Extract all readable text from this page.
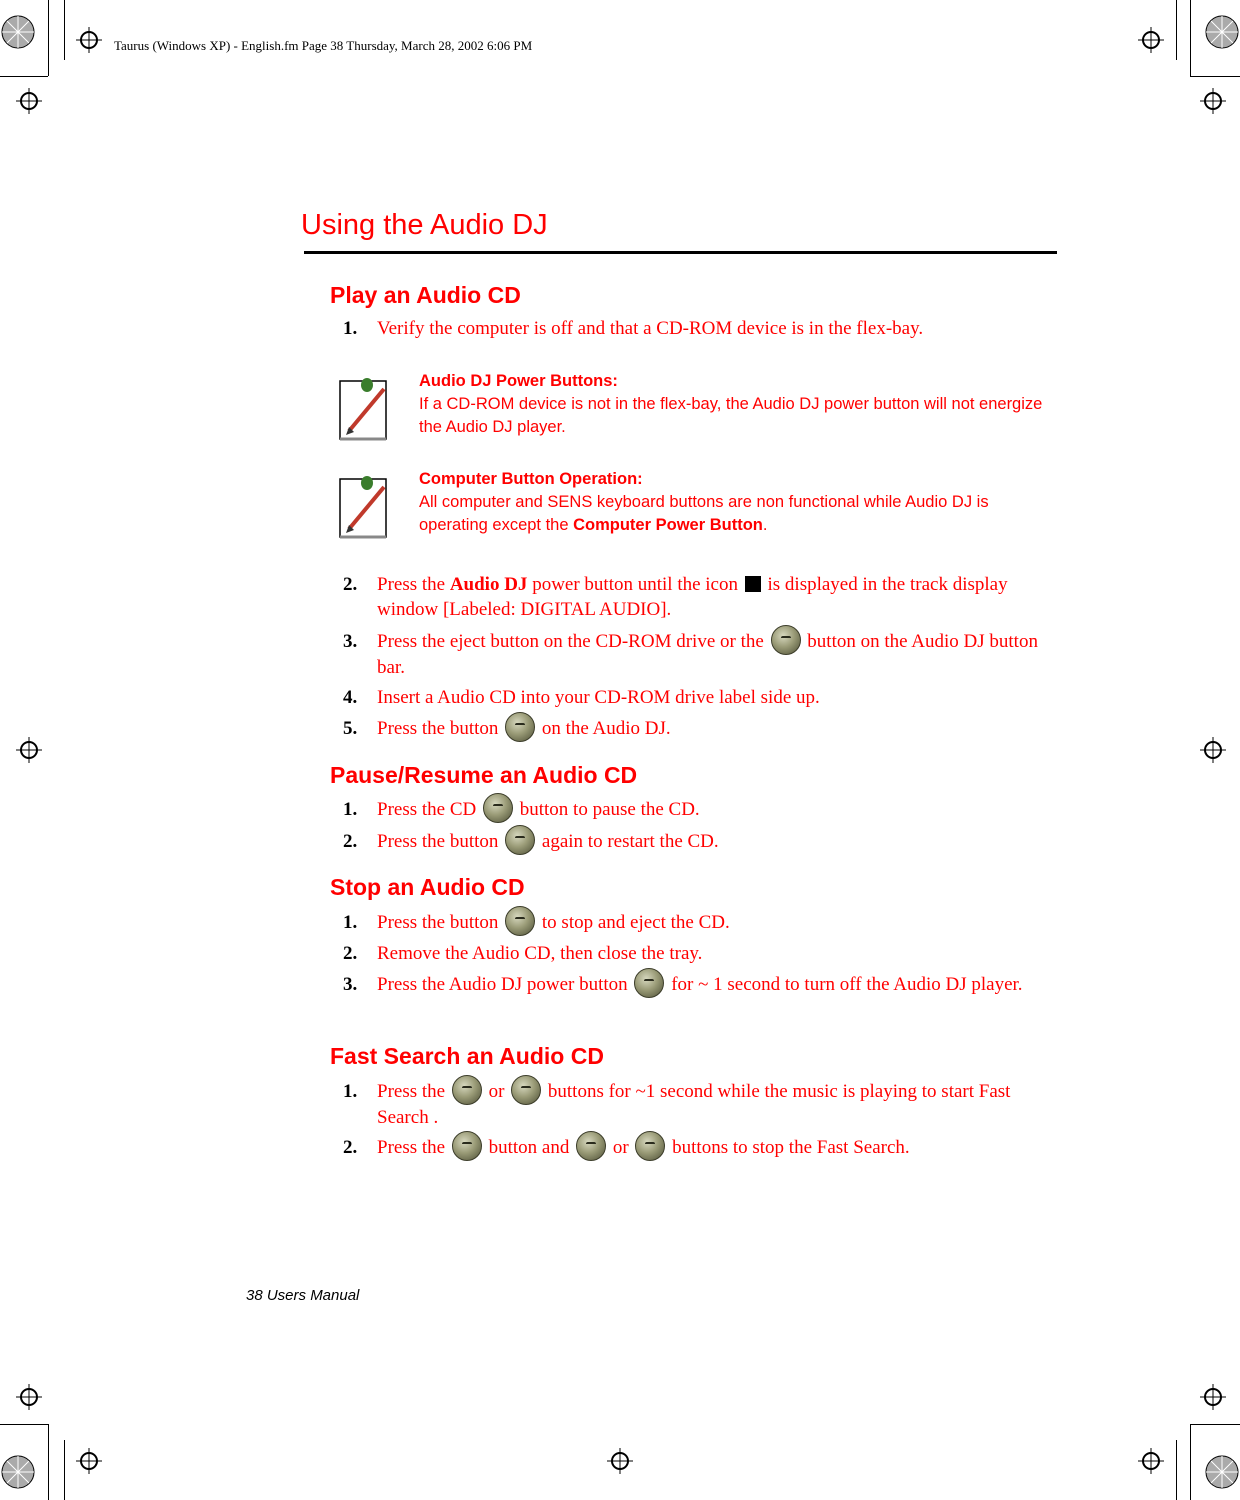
Taurus (Windows XP) - English.fm Page 38 Thursday, March 28, 2002 6:06 PM
Using the Audio DJ
Play an Audio CD
1. Verify the computer is off and that a CD-ROM device is in the flex-bay.
Audio DJ Power Buttons:
If a CD-ROM device is not in the flex-bay, the Audio DJ power button will not energize the Audio DJ player.
Computer Button Operation:
All computer and SENS keyboard buttons are non functional while Audio DJ is operating except the Computer Power Button.
2. Press the Audio DJ power button until the icon  is displayed in the track display window [Labeled: DIGITAL AUDIO].
3. Press the eject button on the CD-ROM drive or the  button on the Audio DJ button bar.
4. Insert a Audio CD into your CD-ROM drive label side up.
5. Press the button  on the Audio DJ.
Pause/Resume an Audio CD
1. Press the CD  button to pause the CD.
2. Press the button  again to restart the CD.
Stop an Audio CD
1. Press the button  to stop and eject the CD.
2. Remove the Audio CD, then close the tray.
3. Press the Audio DJ power button  for ~ 1 second to turn off the Audio DJ player.
Fast Search an Audio CD
1. Press the  or  buttons for ~1 second while the music is playing to start Fast Search .
2. Press the  button and  or  buttons to stop the Fast Search.
38 Users Manual
